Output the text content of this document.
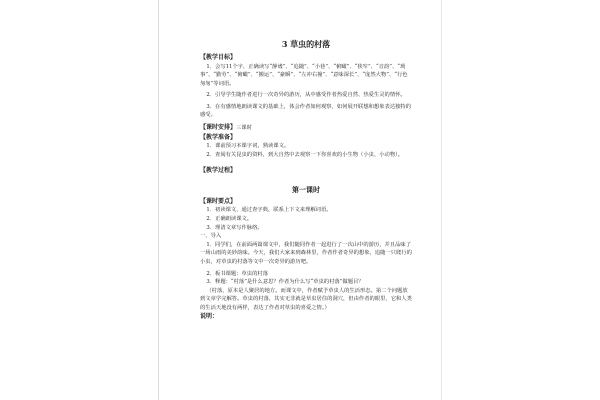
3 草虫的村落
【教学目标】
1．会写11个字，正确读写“静谧”、“追随”、“小巷”、“俯瞰”、“狭窄”、“音韵”、“琐事”、“勤劳”、“俯瞰”、“搬运”、“豪瞬”、“左冲右撞”、“意味深长”、“庞然大物”、“行色匆匆”等词语。
2．引导学生随作者进行一次奇异的游历，从中感受作者热爱自然、热爱生灵的情怀。
3．在有感情地朗读课文的基础上，体会作者如何观察，如何展开联想和想象表达独特的感受。
【课时安排】三课时
【教学准备】
1．课前预习本课字词，熟读课文。
2．查阅有关昆虫的资料，到大自然中去观察一下你喜欢的小生物（小虫、小动物）。
【教学过程】
第一课时
【课时要点】
1．初读课文，通过查字典，联系上下文来理解词语。
2．正确朗读课文。
3．理清文章写作脉络。
一、导入
1．同学们，在前面两篇课文中，我们随同作者一起进行了一次山中的游历，并且品味了一场山雨的美妙韵味。今天，我们大家来到森林里，作者作者奇异的想象，追随一只爬行的小虫，对草虫的村落等文中一次奇异的游历吧。
2．板书课题：草虫的村落
3．释题：“村落”是什么意思？作者为什么写“草虫的村落”做题目？
（村落，原本是人聚居的地方。而课文中，作者赋予草虫人的生活形态。第二个问题放到文章学完解答。草虫的村落，其实无非就是草虫居住的洞穴，但由作者的眼里，它和人类的生活天地没有两样，表达了作者对草虫的喜爱之情。）
说明：
